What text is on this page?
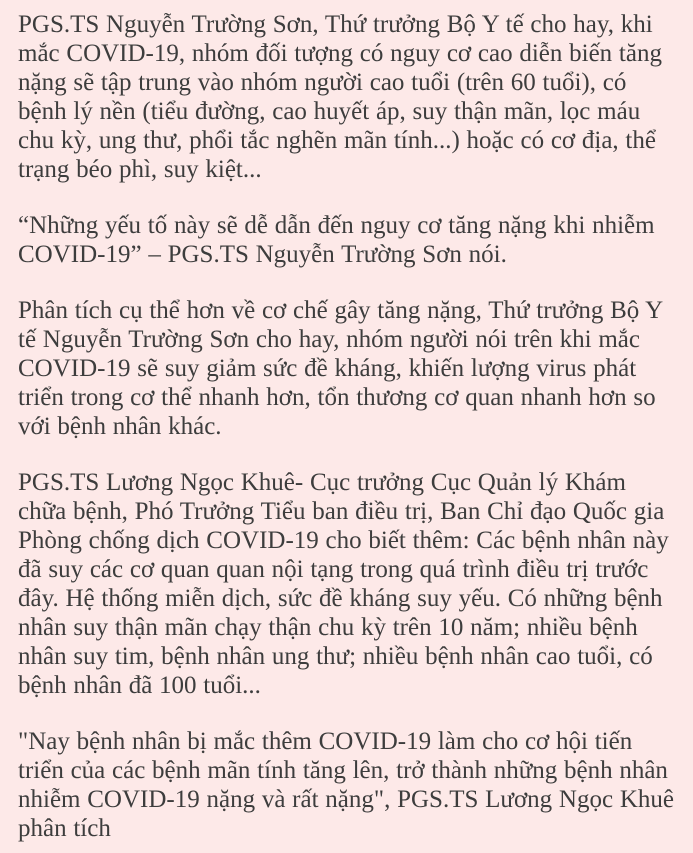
PGS.TS Nguyễn Trường Sơn, Thứ trưởng Bộ Y tế cho hay, khi mắc COVID-19, nhóm đối tượng có nguy cơ cao diễn biến tăng nặng sẽ tập trung vào nhóm người cao tuổi (trên 60 tuổi), có bệnh lý nền (tiểu đường, cao huyết áp, suy thận mãn, lọc máu chu kỳ, ung thư, phổi tắc nghẽn mãn tính...) hoặc có cơ địa, thể trạng béo phì, suy kiệt...

“Những yếu tố này sẽ dễ dẫn đến nguy cơ tăng nặng khi nhiễm COVID-19” – PGS.TS Nguyễn Trường Sơn nói.

Phân tích cụ thể hơn về cơ chế gây tăng nặng, Thứ trưởng Bộ Y tế Nguyễn Trường Sơn cho hay, nhóm người nói trên khi mắc COVID-19 sẽ suy giảm sức đề kháng, khiến lượng virus phát triển trong cơ thể nhanh hơn, tổn thương cơ quan nhanh hơn so với bệnh nhân khác.

PGS.TS Lương Ngọc Khuê- Cục trưởng Cục Quản lý Khám chữa bệnh, Phó Trưởng Tiểu ban điều trị, Ban Chỉ đạo Quốc gia Phòng chống dịch COVID-19 cho biết thêm: Các bệnh nhân này đã suy các cơ quan quan nội tạng trong quá trình điều trị trước đây. Hệ thống miễn dịch, sức đề kháng suy yếu. Có những bệnh nhân suy thận mãn chạy thận chu kỳ trên 10 năm; nhiều bệnh nhân suy tim, bệnh nhân ung thư; nhiều bệnh nhân cao tuổi, có bệnh nhân đã 100 tuổi...

"Nay bệnh nhân bị mắc thêm COVID-19 làm cho cơ hội tiến triển của các bệnh mãn tính tăng lên, trở thành những bệnh nhân nhiễm COVID-19 nặng và rất nặng", PGS.TS Lương Ngọc Khuê phân tích
